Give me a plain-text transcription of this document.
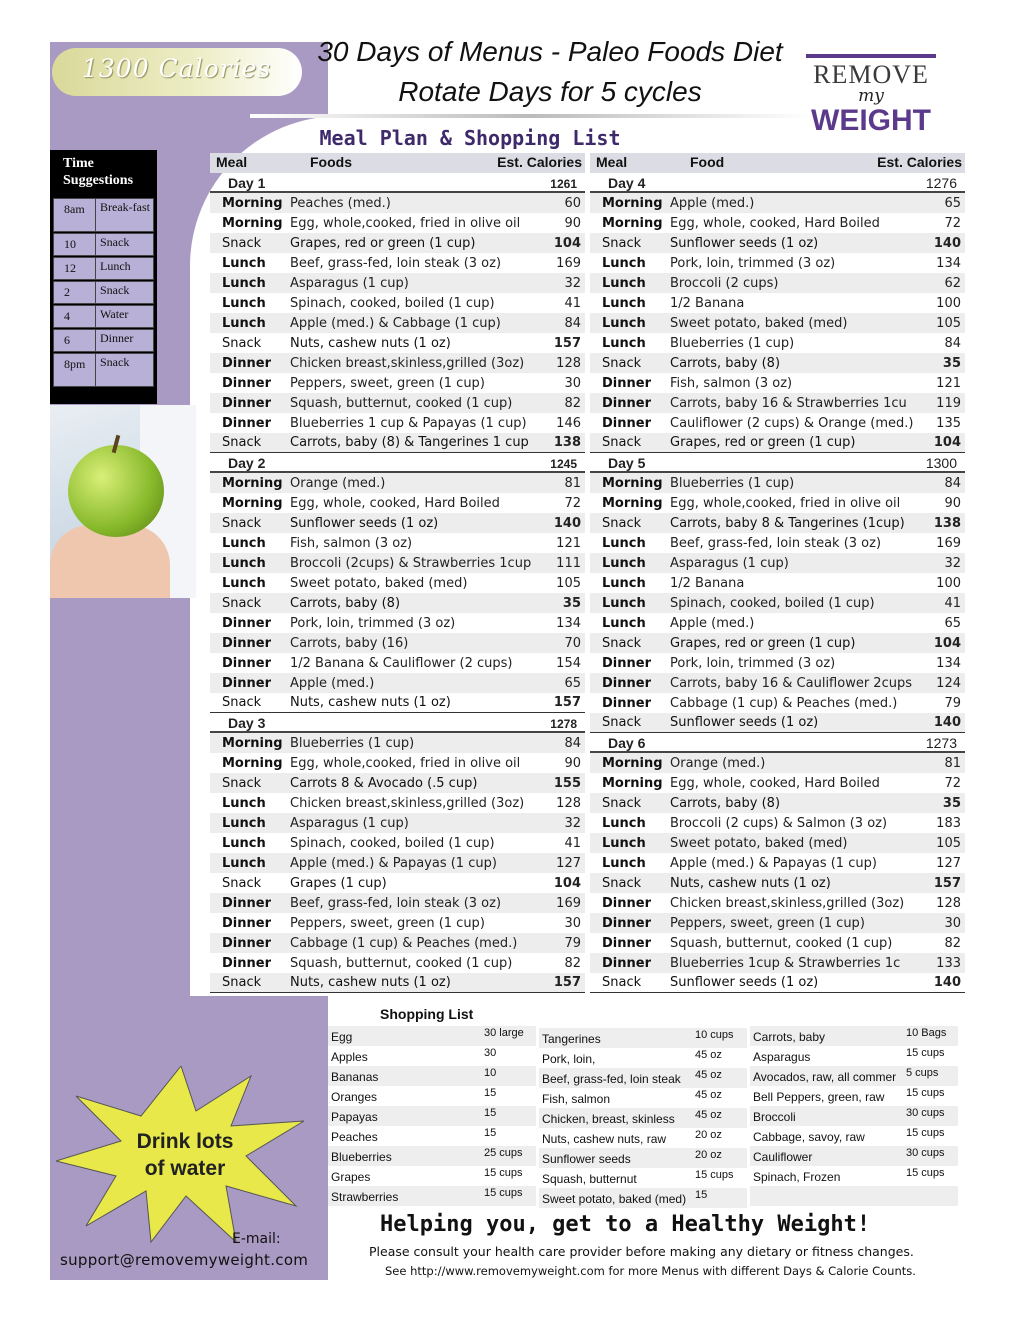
1300 Calories
30 Days of Menus - Paleo Foods Diet
Rotate Days for 5 cycles
REMOVE
my
WEIGHT
Meal Plan & Shopping List
Time Suggestions
8am	Break-fast
10	Snack
12	Lunch
2	Snack
4	Water
6	Dinner
8pm	Snack
Meal	Foods	Est. Calories
Day 1	1261
Morning Peaches (med.)	60
Morning Egg, whole,cooked, fried in olive oil	90
Snack	Grapes, red or green (1 cup)	104
Lunch	Beef, grass-fed, loin steak (3 oz)	169
Lunch	Asparagus (1 cup)	32
Lunch	Spinach, cooked, boiled (1 cup)	41
Lunch	Apple (med.) & Cabbage (1 cup)	84
Snack	Nuts, cashew nuts (1 oz)	157
Dinner	Chicken breast,skinless,grilled (3oz)	128
Dinner	Peppers, sweet, green (1 cup)	30
Dinner	Squash, butternut, cooked (1 cup)	82
Dinner	Blueberries 1 cup & Papayas (1 cup)	146
Snack	Carrots, baby (8) & Tangerines 1 cup	138
Day 2	1245
Morning Orange (med.)	81
Morning Egg, whole, cooked, Hard Boiled	72
Snack	Sunflower seeds (1 oz)	140
Lunch	Fish, salmon (3 oz)	121
Lunch	Broccoli (2cups) & Strawberries 1cup	111
Lunch	Sweet potato, baked (med)	105
Snack	Carrots, baby (8)	35
Dinner	Pork, loin, trimmed (3 oz)	134
Dinner	Carrots, baby (16)	70
Dinner	1/2 Banana & Cauliflower (2 cups)	154
Dinner	Apple (med.)	65
Snack	Nuts, cashew nuts (1 oz)	157
Day 3	1278
Morning Blueberries (1 cup)	84
Morning Egg, whole,cooked, fried in olive oil	90
Snack	Carrots 8 & Avocado (.5 cup)	155
Lunch	Chicken breast,skinless,grilled (3oz)	128
Lunch	Asparagus (1 cup)	32
Lunch	Spinach, cooked, boiled (1 cup)	41
Lunch	Apple (med.) & Papayas (1 cup)	127
Snack	Grapes (1 cup)	104
Dinner	Beef, grass-fed, loin steak (3 oz)	169
Dinner	Peppers, sweet, green (1 cup)	30
Dinner	Cabbage (1 cup) & Peaches (med.)	79
Dinner	Squash, butternut, cooked (1 cup)	82
Snack	Nuts, cashew nuts (1 oz)	157
Meal	Food	Est. Calories
Day 4	1276
Morning Apple (med.)	65
Morning Egg, whole, cooked, Hard Boiled	72
Snack	Sunflower seeds (1 oz)	140
Lunch	Pork, loin, trimmed (3 oz)	134
Lunch	Broccoli (2 cups)	62
Lunch	1/2 Banana	100
Lunch	Sweet potato, baked (med)	105
Lunch	Blueberries (1 cup)	84
Snack	Carrots, baby (8)	35
Dinner	Fish, salmon (3 oz)	121
Dinner	Carrots, baby 16 & Strawberries 1cu	119
Dinner	Cauliflower (2 cups) & Orange (med.)	135
Snack	Grapes, red or green (1 cup)	104
Day 5	1300
Morning Blueberries (1 cup)	84
Morning Egg, whole,cooked, fried in olive oil	90
Snack	Carrots, baby 8 & Tangerines (1cup)	138
Lunch	Beef, grass-fed, loin steak (3 oz)	169
Lunch	Asparagus (1 cup)	32
Lunch	1/2 Banana	100
Lunch	Spinach, cooked, boiled (1 cup)	41
Lunch	Apple (med.)	65
Snack	Grapes, red or green (1 cup)	104
Dinner	Pork, loin, trimmed (3 oz)	134
Dinner	Carrots, baby 16 & Cauliflower 2cups	124
Dinner	Cabbage (1 cup) & Peaches (med.)	79
Snack	Sunflower seeds (1 oz)	140
Day 6	1273
Morning Orange (med.)	81
Morning Egg, whole, cooked, Hard Boiled	72
Snack	Carrots, baby (8)	35
Lunch	Broccoli (2 cups) & Salmon (3 oz)	183
Lunch	Sweet potato, baked (med)	105
Lunch	Apple (med.) & Papayas (1 cup)	127
Snack	Nuts, cashew nuts (1 oz)	157
Dinner	Chicken breast,skinless,grilled (3oz)	128
Dinner	Peppers, sweet, green (1 cup)	30
Dinner	Squash, butternut, cooked (1 cup)	82
Dinner	Blueberries 1cup & Strawberries 1c	133
Snack	Sunflower seeds (1 oz)	140
Shopping List
Egg	30 large
Apples	30
Bananas	10
Oranges	15
Papayas	15
Peaches	15
Blueberries	25 cups
Grapes	15 cups
Strawberries	15 cups
Tangerines	10 cups
Pork, loin,	45 oz
Beef, grass-fed, loin steak	45 oz
Fish, salmon	45 oz
Chicken, breast, skinless	45 oz
Nuts, cashew nuts, raw	20 oz
Sunflower seeds	20 oz
Squash, butternut	15 cups
Sweet potato, baked (med) 15
Carrots, baby	10 Bags
Asparagus	15 cups
Avocados, raw, all commer 5 cups
Bell Peppers, green, raw	15 cups
Broccoli	30 cups
Cabbage, savoy, raw	15 cups
Cauliflower	30 cups
Spinach, Frozen	15 cups
Drink lots
of water
E-mail:
support@removemyweight.com
Helping you, get to a Healthy Weight!
Please consult your health care provider before making any dietary or fitness changes.
See http://www.removemyweight.com for more Menus with different Days & Calorie Counts.
